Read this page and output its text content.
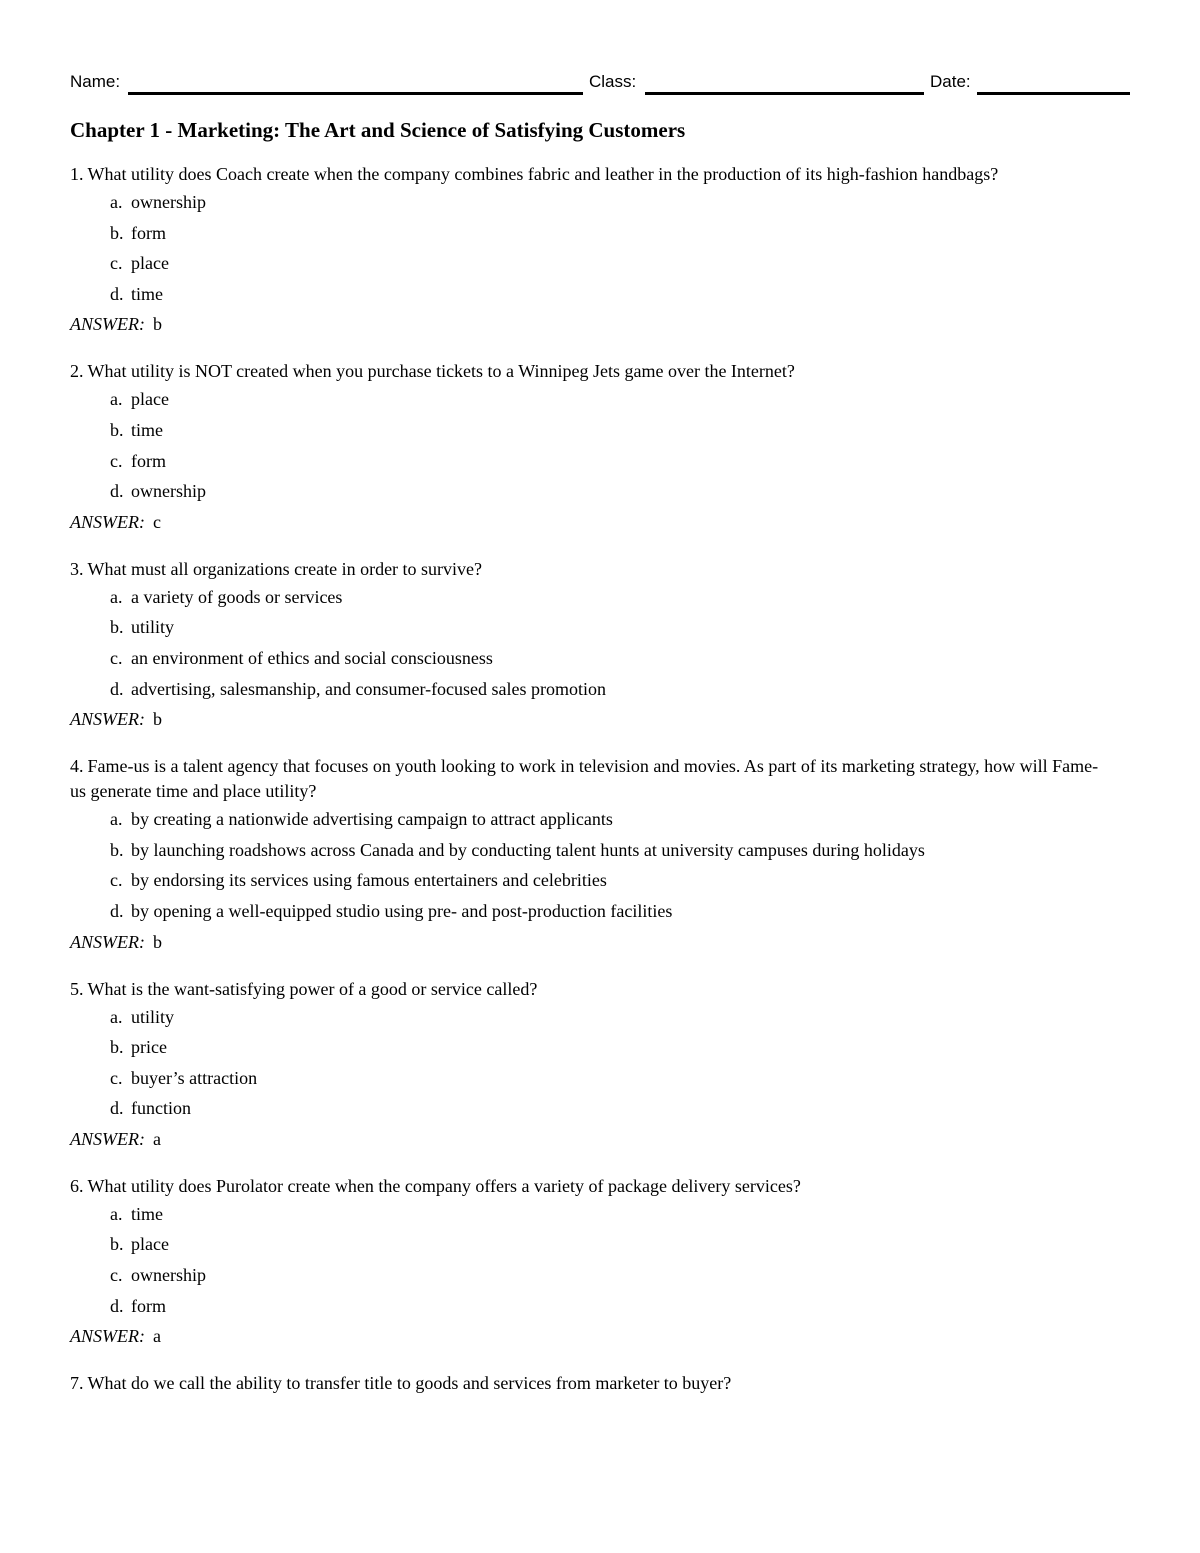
Name:	Class:	Date:
Chapter 1 - Marketing: The Art and Science of Satisfying Customers
1. What utility does Coach create when the company combines fabric and leather in the production of its high-fashion handbags?
a. ownership
b. form
c. place
d. time
ANSWER: b
2. What utility is NOT created when you purchase tickets to a Winnipeg Jets game over the Internet?
a. place
b. time
c. form
d. ownership
ANSWER: c
3. What must all organizations create in order to survive?
a. a variety of goods or services
b. utility
c. an environment of ethics and social consciousness
d. advertising, salesmanship, and consumer-focused sales promotion
ANSWER: b
4. Fame-us is a talent agency that focuses on youth looking to work in television and movies. As part of its marketing strategy, how will Fame-us generate time and place utility?
a. by creating a nationwide advertising campaign to attract applicants
b. by launching roadshows across Canada and by conducting talent hunts at university campuses during holidays
c. by endorsing its services using famous entertainers and celebrities
d. by opening a well-equipped studio using pre- and post-production facilities
ANSWER: b
5. What is the want-satisfying power of a good or service called?
a. utility
b. price
c. buyer’s attraction
d. function
ANSWER: a
6. What utility does Purolator create when the company offers a variety of package delivery services?
a. time
b. place
c. ownership
d. form
ANSWER: a
7. What do we call the ability to transfer title to goods and services from marketer to buyer?
